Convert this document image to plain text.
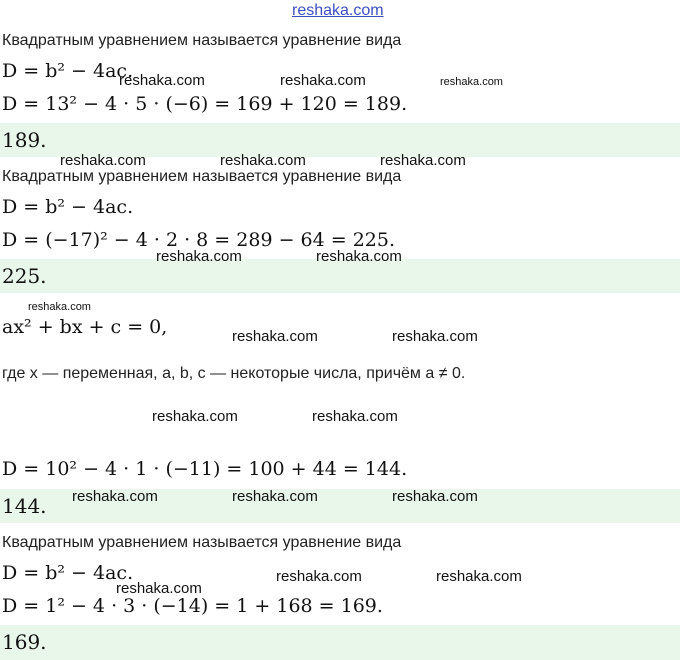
reshaka.com
Квадратным уравнением называется уравнение вида
D = b² − 4ac.
D = 13² − 4 · 5 · (−6) = 169 + 120 = 189.
189.
Квадратным уравнением называется уравнение вида
D = b² − 4ac.
D = (−17)² − 4 · 2 · 8 = 289 − 64 = 225.
225.
ax² + bx + c = 0,
где x — переменная, a, b, c — некоторые числа, причём a ≠ 0.
D = 10² − 4 · 1 · (−11) = 100 + 44 = 144.
144.
Квадратным уравнением называется уравнение вида
D = b² − 4ac.
D = 1² − 4 · 3 · (−14) = 1 + 168 = 169.
169.
reshaka.com	reshaka.com	reshaka.com
reshaka.com	reshaka.com	reshaka.com
reshaka.com	reshaka.com
reshaka.com
reshaka.com	reshaka.com
reshaka.com	reshaka.com
reshaka.com	reshaka.com	reshaka.com
reshaka.com	reshaka.com
reshaka.com
